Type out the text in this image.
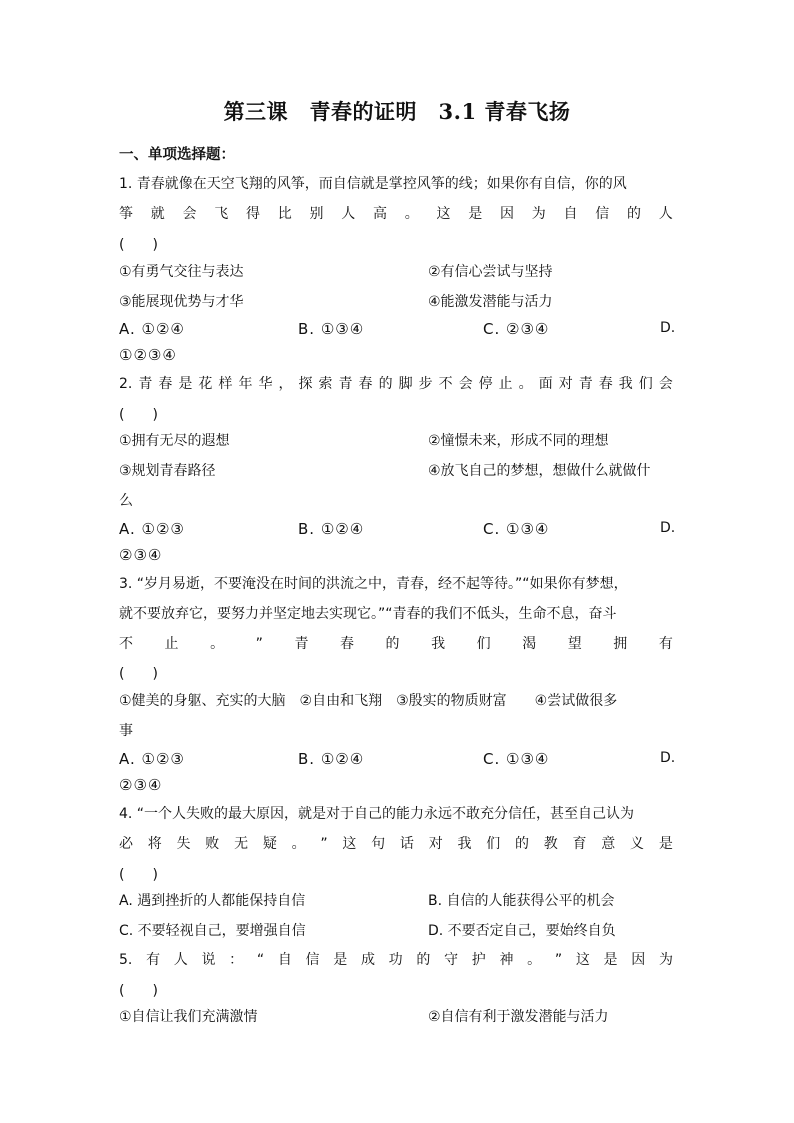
第三课　青春的证明　3.1 青春飞扬
一、单项选择题：
1. 青春就像在天空飞翔的风筝，而自信就是掌控风筝的线；如果你有自信，你的风
筝 就 会 飞 得 比 别 人 高 。 这 是 因 为 自 信 的 人
(　　)
①有勇气交往与表达	②有信心尝试与坚持
③能展现优势与才华	④能激发潜能与活力
A. ①②④	B. ①③④	C. ②③④	D.
①②③④
2. 青 春 是 花 样 年 华 ， 探 索 青 春 的 脚 步 不 会 停 止 。 面 对 青 春 我 们 会
(　　)
①拥有无尽的遐想	②憧憬未来，形成不同的理想
③规划青春路径	④放飞自己的梦想，想做什么就做什
么
A. ①②③	B. ①②④	C. ①③④	D.
②③④
3. “岁月易逝，不要淹没在时间的洪流之中，青春，经不起等待。”“如果你有梦想，
就不要放弃它，要努力并坚定地去实现它。”“青春的我们不低头，生命不息，奋斗
不 止 。 ” 青 春 的 我 们 渴 望 拥 有
(　　)
①健美的身躯、充实的大脑　②自由和飞翔　③殷实的物质财富　　④尝试做很多
事
A. ①②③	B. ①②④	C. ①③④	D.
②③④
4. “一个人失败的最大原因，就是对于自己的能力永远不敢充分信任，甚至自己认为
必 将 失 败 无 疑 。 ” 这 句 话 对 我 们 的 教 育 意 义 是
(　　)
A. 遇到挫折的人都能保持自信	B. 自信的人能获得公平的机会
C. 不要轻视自己，要增强自信	D. 不要否定自己，要始终自负
5. 有 人 说 ： “ 自 信 是 成 功 的 守 护 神 。 ” 这 是 因 为
(　　)
①自信让我们充满激情	②自信有利于激发潜能与活力
